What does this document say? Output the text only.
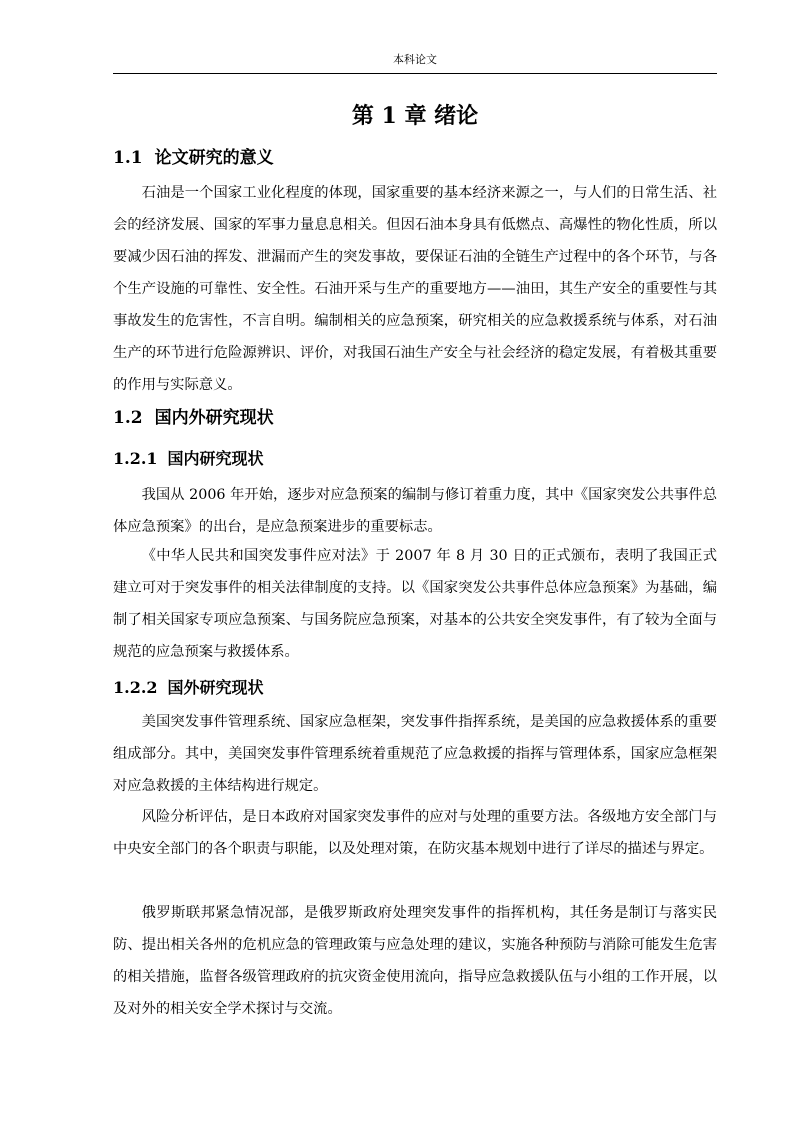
本科论文
第 1 章 绪论
1.1 论文研究的意义

石油是一个国家工业化程度的体现，国家重要的基本经济来源之一，与人们的日常生活、社会的经济发展、国家的军事力量息息相关。但因石油本身具有低燃点、高爆性的物化性质，所以要减少因石油的挥发、泄漏而产生的突发事故，要保证石油的全链生产过程中的各个环节，与各个生产设施的可靠性、安全性。石油开采与生产的重要地方——油田，其生产安全的重要性与其事故发生的危害性，不言自明。编制相关的应急预案，研究相关的应急救援系统与体系，对石油生产的环节进行危险源辨识、评价，对我国石油生产安全与社会经济的稳定发展，有着极其重要的作用与实际意义。

1.2 国内外研究现状
1.2.1 国内研究现状

我国从 2006 年开始，逐步对应急预案的编制与修订着重力度，其中《国家突发公共事件总体应急预案》的出台，是应急预案进步的重要标志。

《中华人民共和国突发事件应对法》于 2007 年 8 月 30 日的正式颁布，表明了我国正式建立可对于突发事件的相关法律制度的支持。以《国家突发公共事件总体应急预案》为基础，编制了相关国家专项应急预案、与国务院应急预案，对基本的公共安全突发事件，有了较为全面与规范的应急预案与救援体系。

1.2.2 国外研究现状

美国突发事件管理系统、国家应急框架，突发事件指挥系统，是美国的应急救援体系的重要组成部分。其中，美国突发事件管理系统着重规范了应急救援的指挥与管理体系，国家应急框架对应急救援的主体结构进行规定。

风险分析评估，是日本政府对国家突发事件的应对与处理的重要方法。各级地方安全部门与中央安全部门的各个职责与职能，以及处理对策，在防灾基本规划中进行了详尽的描述与界定。

俄罗斯联邦紧急情况部，是俄罗斯政府处理突发事件的指挥机构，其任务是制订与落实民防、提出相关各州的危机应急的管理政策与应急处理的建议，实施各种预防与消除可能发生危害的相关措施，监督各级管理政府的抗灾资金使用流向，指导应急救援队伍与小组的工作开展，以及对外的相关安全学术探讨与交流。
